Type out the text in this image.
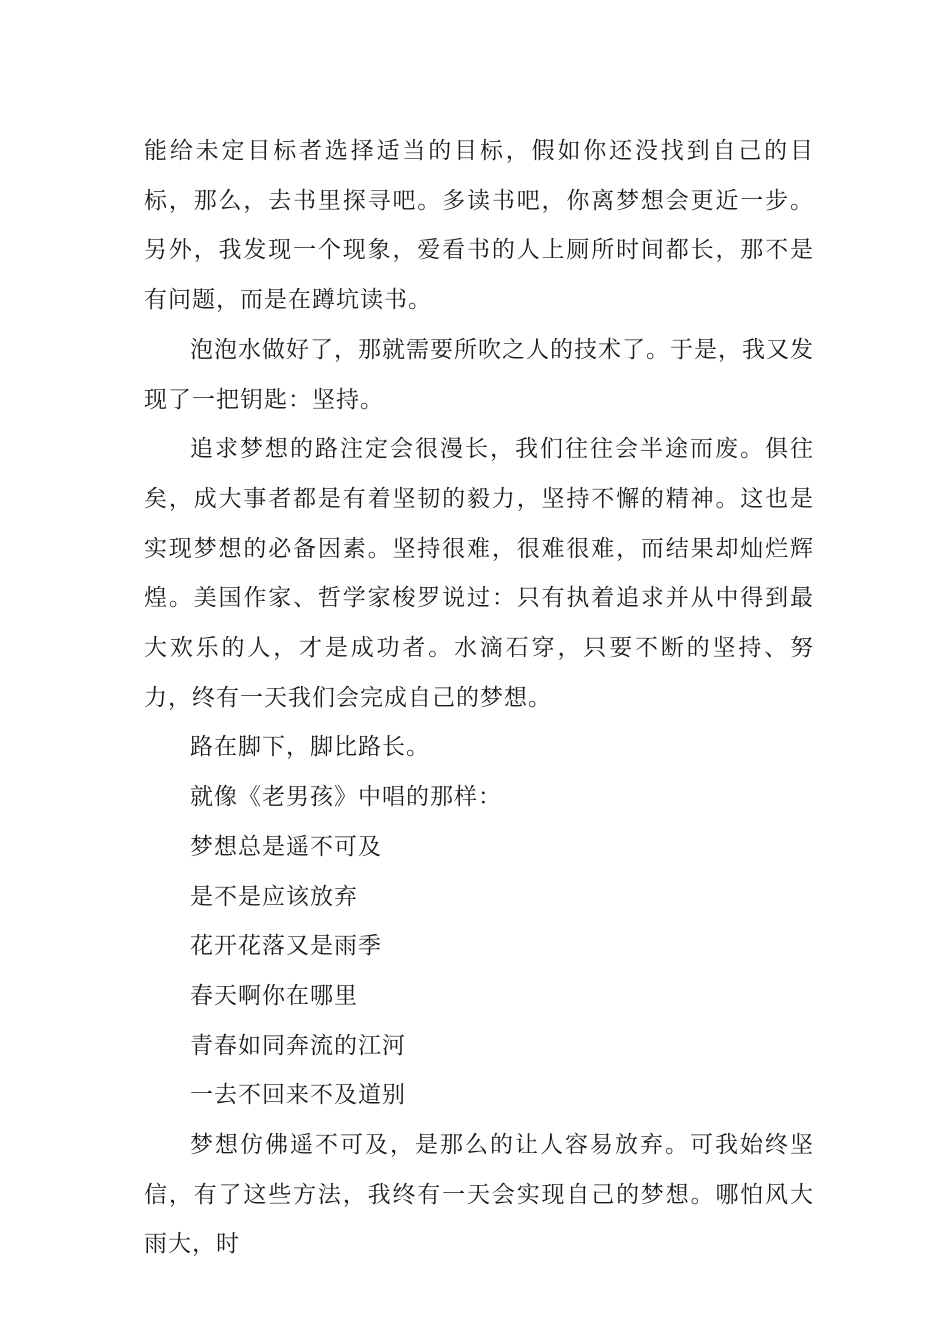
能给未定目标者选择适当的目标，假如你还没找到自己的目标，那么，去书里探寻吧。多读书吧，你离梦想会更近一步。另外，我发现一个现象，爱看书的人上厕所时间都长，那不是有问题，而是在蹲坑读书。

泡泡水做好了，那就需要所吹之人的技术了。于是，我又发现了一把钥匙：坚持。

追求梦想的路注定会很漫长，我们往往会半途而废。俱往矣，成大事者都是有着坚韧的毅力，坚持不懈的精神。这也是实现梦想的必备因素。坚持很难，很难很难，而结果却灿烂辉煌。美国作家、哲学家梭罗说过：只有执着追求并从中得到最大欢乐的人，才是成功者。水滴石穿，只要不断的坚持、努力，终有一天我们会完成自己的梦想。

路在脚下，脚比路长。

就像《老男孩》中唱的那样：

梦想总是遥不可及

是不是应该放弃

花开花落又是雨季

春天啊你在哪里

青春如同奔流的江河

一去不回来不及道别

梦想仿佛遥不可及，是那么的让人容易放弃。可我始终坚信，有了这些方法，我终有一天会实现自己的梦想。哪怕风大雨大，时
